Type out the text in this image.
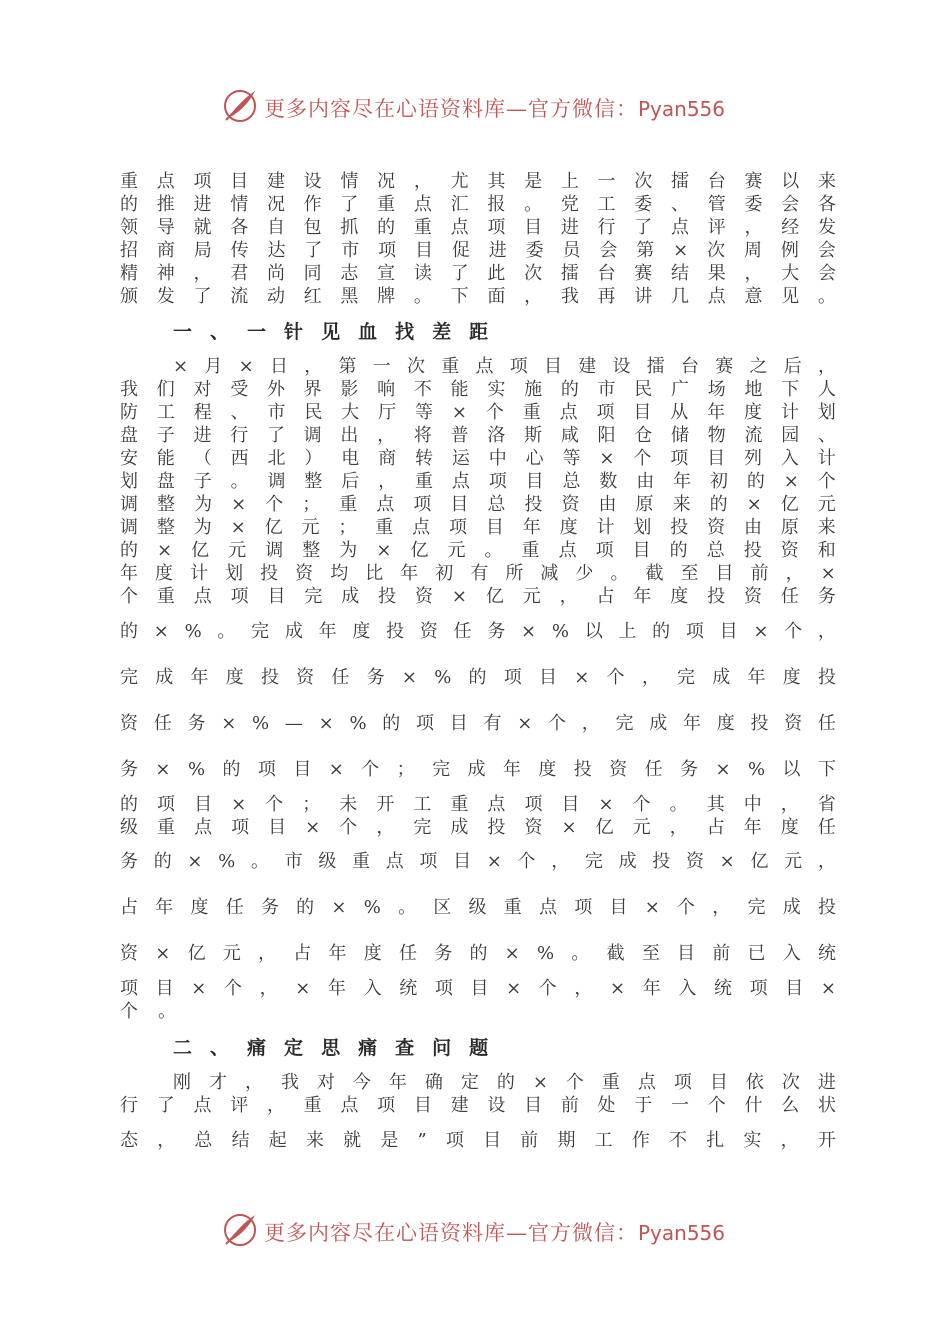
更多内容尽在心语资料库—官方微信：Pyan556
重 点 项 目 建 设 情 况 ， 尤 其 是 上 一 次 擂 台 赛 以 来
的 推 进 情 况 作 了 重 点 汇 报 。 党 工 委 、 管 委 会 各
领 导 就 各 自 包 抓 的 重 点 项 目 进 行 了 点 评 ， 经 发
招 商 局 传 达 了 市 项 目 促 进 委 员 会 第 × 次 周 例 会
精 神 ， 君 尚 同 志 宣 读 了 此 次 擂 台 赛 结 果 ， 大 会
颁 发 了 流 动 红 黑 牌 。 下 面 ， 我 再 讲 几 点 意 见 。
一 、 一 针 见 血 找 差 距
× 月 × 日 ， 第 一 次 重 点 项 目 建 设 擂 台 赛 之 后 ，
我 们 对 受 外 界 影 响 不 能 实 施 的 市 民 广 场 地 下 人
防 工 程 、 市 民 大 厅 等 × 个 重 点 项 目 从 年 度 计 划
盘 子 进 行 了 调 出 ， 将 普 洛 斯 咸 阳 仓 储 物 流 园 、
安 能 （ 西 北 ） 电 商 转 运 中 心 等 × 个 项 目 列 入 计
划 盘 子 。 调 整 后 ， 重 点 项 目 总 数 由 年 初 的 × 个
调 整 为 × 个 ； 重 点 项 目 总 投 资 由 原 来 的 × 亿 元
调 整 为 × 亿 元 ； 重 点 项 目 年 度 计 划 投 资 由 原 来
的 × 亿 元 调 整 为 × 亿 元 。 重 点 项 目 的 总 投 资 和
年 度 计 划 投 资 均 比 年 初 有 所 减 少 。 截 至 目 前 ， ×
个 重 点 项 目 完 成 投 资 × 亿 元 ， 占 年 度 投 资 任 务
的 × % 。 完 成 年 度 投 资 任 务 × % 以 上 的 项 目 × 个 ，
完 成 年 度 投 资 任 务 × % 的 项 目 × 个 ， 完 成 年 度 投
资 任 务 × % — × % 的 项 目 有 × 个 ， 完 成 年 度 投 资 任
务 × % 的 项 目 × 个 ； 完 成 年 度 投 资 任 务 × % 以 下
的 项 目 × 个 ； 未 开 工 重 点 项 目 × 个 。 其 中 ， 省
级 重 点 项 目 × 个 ， 完 成 投 资 × 亿 元 ， 占 年 度 任
务 的 × % 。 市 级 重 点 项 目 × 个 ， 完 成 投 资 × 亿 元 ，
占 年 度 任 务 的 × % 。 区 级 重 点 项 目 × 个 ， 完 成 投
资 × 亿 元 ， 占 年 度 任 务 的 × % 。 截 至 目 前 已 入 统
项 目 × 个 ， × 年 入 统 项 目 × 个 ， × 年 入 统 项 目 ×
个 。
二 、 痛 定 思 痛 查 问 题
刚 才 ， 我 对 今 年 确 定 的 × 个 重 点 项 目 依 次 进
行 了 点 评 ， 重 点 项 目 建 设 目 前 处 于 一 个 什 么 状
态 ， 总 结 起 来 就 是 ” 项 目 前 期 工 作 不 扎 实 ， 开
更多内容尽在心语资料库—官方微信：Pyan556
